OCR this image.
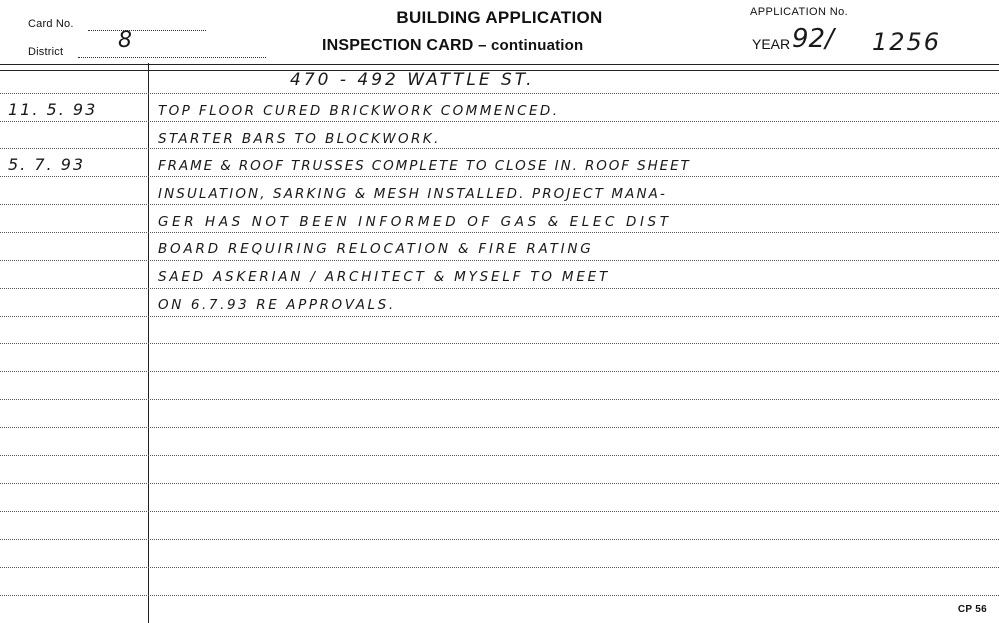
Card No.
District 8
BUILDING APPLICATION
INSPECTION CARD – continuation
APPLICATION No.
YEAR 92/ 1256
470 - 492 WATTLE ST.
11. 5. 93	TOP FLOOR CURED BRICKWORK COMMENCED.
STARTER BARS TO BLOCKWORK.
5. 7. 93	FRAME & ROOF TRUSSES COMPLETE TO CLOSE IN. ROOF SHEET
INSULATION, SARKING & MESH INSTALLED. PROJECT MANA-
GER HAS NOT BEEN INFORMED OF GAS & ELEC DIST
BOARD REQUIRING RELOCATION & FIRE RATING
SAED ASKERIAN / ARCHITECT & MYSELF TO MEET
ON 6.7.93 RE APPROVALS.
CP 56
